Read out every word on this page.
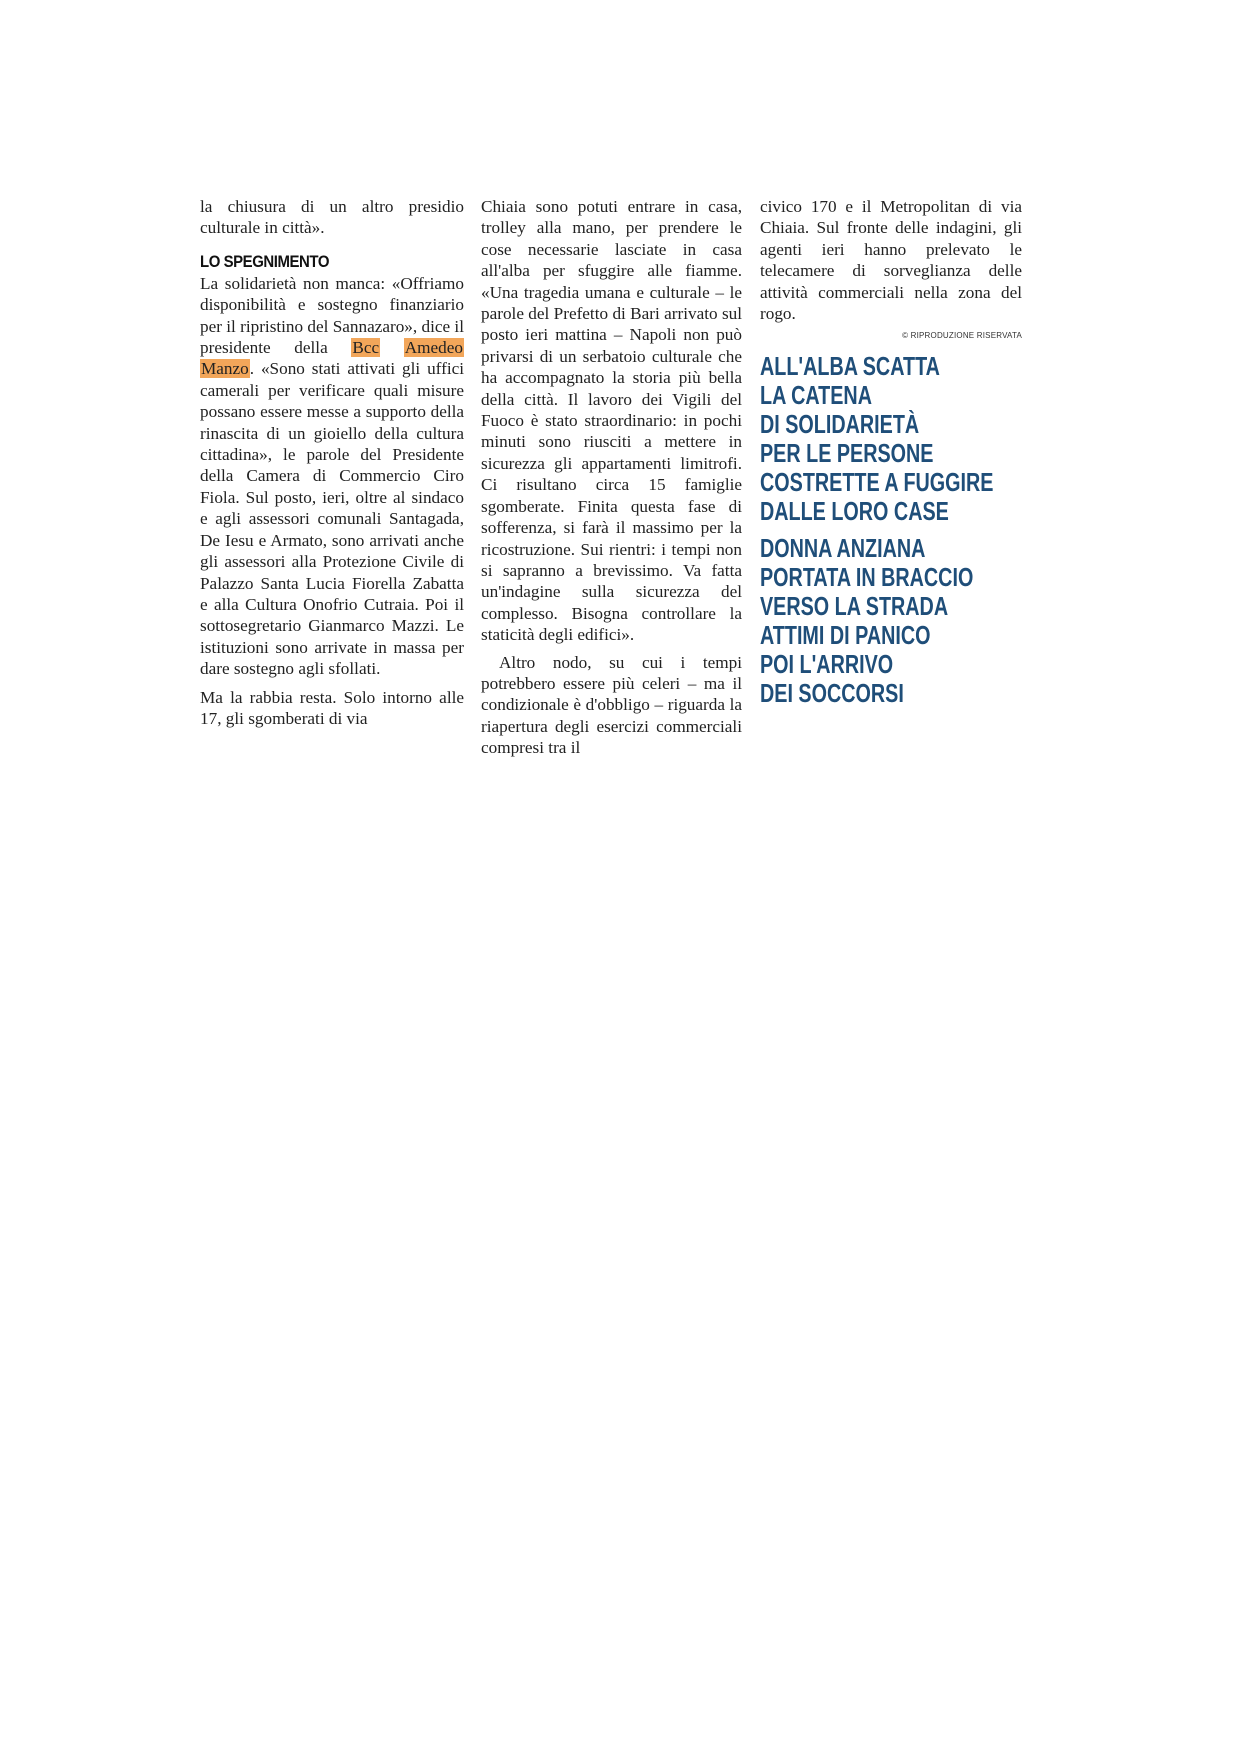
la chiusura di un altro presidio culturale in città».

LO SPEGNIMENTO

La solidarietà non manca: «Offriamo disponibilità e sostegno finanziario per il ripristino del Sannazaro», dice il presidente della Bcc Amedeo Manzo. «Sono stati attivati gli uffici camerali per verificare quali misure possano essere messe a supporto della rinascita di un gioiello della cultura cittadina», le parole del Presidente della Camera di Commercio Ciro Fiola. Sul posto, ieri, oltre al sindaco e agli assessori comunali Santagada, De Iesu e Armato, sono arrivati anche gli assessori alla Protezione Civile di Palazzo Santa Lucia Fiorella Zabatta e alla Cultura Onofrio Cutraia. Poi il sottosegretario Gianmarco Mazzi. Le istituzioni sono arrivate in massa per dare sostegno agli sfollati.

Ma la rabbia resta. Solo intorno alle 17, gli sgomberati di via

Chiaia sono potuti entrare in casa, trolley alla mano, per prendere le cose necessarie lasciate in casa all'alba per sfuggire alle fiamme. «Una tragedia umana e culturale – le parole del Prefetto di Bari arrivato sul posto ieri mattina – Napoli non può privarsi di un serbatoio culturale che ha accompagnato la storia più bella della città. Il lavoro dei Vigili del Fuoco è stato straordinario: in pochi minuti sono riusciti a mettere in sicurezza gli appartamenti limitrofi. Ci risultano circa 15 famiglie sgomberate. Finita questa fase di sofferenza, si farà il massimo per la ricostruzione. Sui rientri: i tempi non si sapranno a brevissimo. Va fatta un'indagine sulla sicurezza del complesso. Bisogna controllare la staticità degli edifici».

Altro nodo, su cui i tempi potrebbero essere più celeri – ma il condizionale è d'obbligo – riguarda la riapertura degli esercizi commerciali compresi tra il

civico 170 e il Metropolitan di via Chiaia. Sul fronte delle indagini, gli agenti ieri hanno prelevato le telecamere di sorveglianza delle attività commerciali nella zona del rogo.

© RIPRODUZIONE RISERVATA

ALL'ALBA SCATTA
LA CATENA
DI SOLIDARIETÀ
PER LE PERSONE
COSTRETTE A FUGGIRE
DALLE LORO CASE
DONNA ANZIANA
PORTATA IN BRACCIO
VERSO LA STRADA
ATTIMI DI PANICO
POI L'ARRIVO
DEI SOCCORSI
